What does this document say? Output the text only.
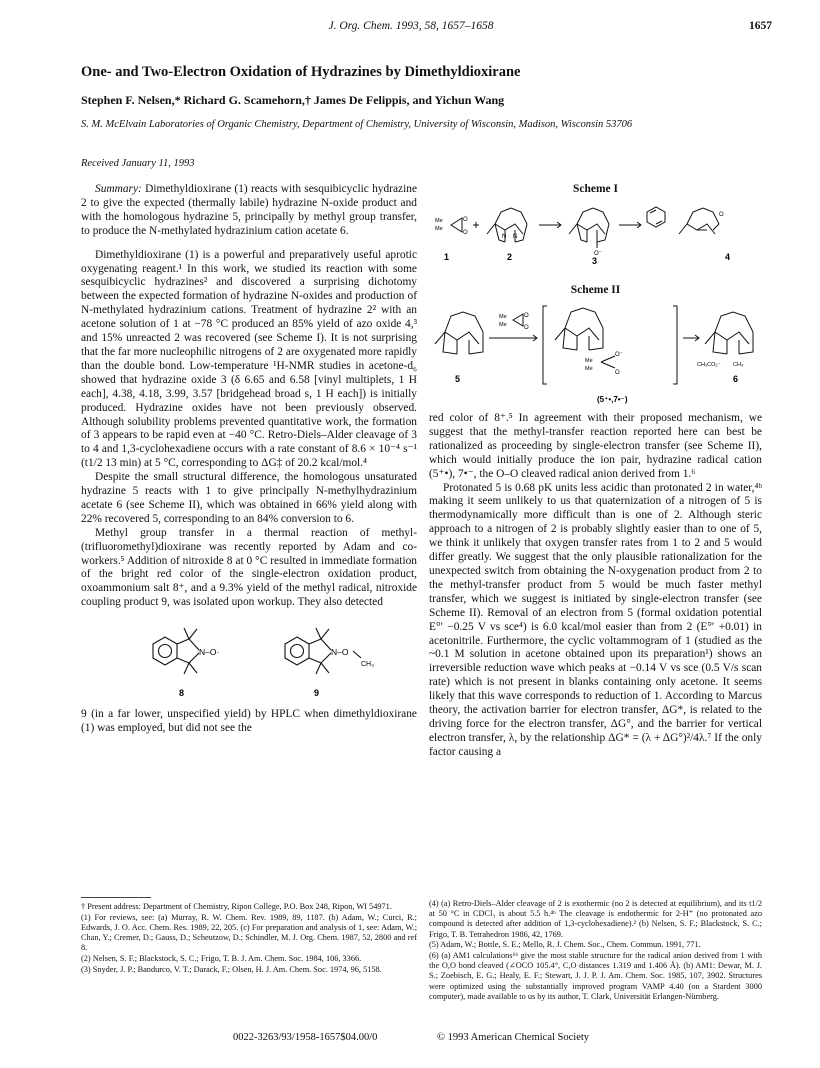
J. Org. Chem. 1993, 58, 1657–1658	1657
One- and Two-Electron Oxidation of Hydrazines by Dimethyldioxirane
Stephen F. Nelsen,* Richard G. Scamehorn,† James De Felippis, and Yichun Wang
S. M. McElvain Laboratories of Organic Chemistry, Department of Chemistry, University of Wisconsin, Madison, Wisconsin 53706
Received January 11, 1993

Summary: Dimethyldioxirane (1) reacts with sesquibicyclic hydrazine 2 to give the expected (thermally labile) hydrazine N-oxide product and with the homologous hydrazine 5, principally by methyl group transfer, to produce the N-methylated hydrazinium cation acetate 6.

Dimethyldioxirane (1) is a powerful and preparatively useful aprotic oxygenating reagent.¹ In this work, we studied its reaction with some sesquibicyclic hydrazines² and discovered a surprising dichotomy between the expected formation of hydrazine N-oxides and production of N-methylated hydrazinium cations. Treatment of hydrazine 2² with an acetone solution of 1 at −78 °C produced an 85% yield of azo oxide 4,³ and 15% unreacted 2 was recovered (see Scheme I). It is not surprising that the far more nucleophilic nitrogens of 2 are oxygenated more rapidly than the double bond. Low-temperature ¹H-NMR studies in acetone-d₆ showed that hydrazine oxide 3 (δ 6.65 and 6.58 [vinyl multiplets, 1 H each], 4.38, 4.18, 3.99, 3.57 [bridgehead broad s, 1 H each]) is initially produced. Hydrazine oxides have not been previously observed. Although solubility problems prevented quantitative work, the formation of 3 appears to be rapid even at −40 °C. Retro-Diels–Alder cleavage of 3 to 4 and 1,3-cyclohexadiene occurs with a rate constant of 8.6 × 10⁻⁴ s⁻¹ (t1/2 13 min) at 5 °C, corresponding to ΔG‡ of 20.2 kcal/mol.⁴

Despite the small structural difference, the homologous unsaturated hydrazine 5 reacts with 1 to give principally N-methylhydrazinium acetate 6 (see Scheme II), which was obtained in 66% yield along with 22% recovered 5, corresponding to an 84% conversion to 6.

Methyl group transfer in a thermal reaction of methyl-(trifluoromethyl)dioxirane was recently reported by Adam and co-workers.⁵ Addition of nitroxide 8 at 0 °C resulted in immediate formation of the bright red color of the single-electron oxidation product, oxoammonium salt 8⁺, and a 9.3% yield of the methyl radical, nitroxide coupling product 9, was isolated upon workup. They also detected

N–O·	N–O
CH₃
8	9

9 (in a far lower, unspecified yield) by HPLC when dimethyldioxirane (1) was employed, but did not see the

Scheme I
Me
Me
O
O
N N
O⁻
O
1	2	3	4
Scheme II
Me
Me
O
O
Me
Me
O⁻
O
CH₃CO₂⁻ CH₃
5
(5⁺•,7•⁻)
6

red color of 8⁺.⁵ In agreement with their proposed mechanism, we suggest that the methyl-transfer reaction reported here can best be rationalized as proceeding by single-electron transfer (see Scheme II), which would initially produce the ion pair, hydrazine radical cation (5⁺•), 7•⁻, the O–O cleaved radical anion derived from 1.⁶

Protonated 5 is 0.68 pK units less acidic than protonated 2 in water,⁴ᵇ making it seem unlikely to us that quaternization of a nitrogen of 5 is thermodynamically more difficult than is one of 2. Although steric approach to a nitrogen of 2 is probably slightly easier than to one of 5, we think it unlikely that oxygen transfer rates from 1 to 2 and 5 would differ greatly. We suggest that the only plausible rationalization for the unexpected switch from obtaining the N-oxygenation product from 2 to the methyl-transfer product from 5 would be much faster methyl transfer, which we suggest is initiated by single-electron transfer (see Scheme II). Removal of an electron from 5 (formal oxidation potential E°′ −0.25 V vs sce⁴) is 6.0 kcal/mol easier than from 2 (E°′ +0.01) in acetonitrile. Furthermore, the cyclic voltammogram of 1 (studied as the ~0.1 M solution in acetone obtained upon its preparation¹) shows an irreversible reduction wave which peaks at −0.14 V vs sce (0.5 V/s scan rate) which is not present in blanks containing only acetone. It seems likely that this wave corresponds to reduction of 1. According to Marcus theory, the activation barrier for electron transfer, ΔG*, is related to the driving force for the electron transfer, ΔG°, and the barrier for vertical electron transfer, λ, by the relationship ΔG* = (λ + ΔG°)²/4λ.⁷ If the only factor causing a

† Present address: Department of Chemistry, Ripon College, P.O. Box 248, Ripon, WI 54971.

(1) For reviews, see: (a) Murray, R. W. Chem. Rev. 1989, 89, 1187. (b) Adam, W.; Curci, R.; Edwards, J. O. Acc. Chem. Res. 1989, 22, 205. (c) For preparation and analysis of 1, see: Adam, W.; Chan, Y.; Cremer, D.; Gauss, D.; Scheutzow, D.; Schindler, M. J. Org. Chem. 1987, 52, 2800 and ref 8.

(2) Nelsen, S. F.; Blackstock, S. C.; Frigo, T. B. J. Am. Chem. Soc. 1984, 106, 3366.

(3) Snyder, J. P.; Bandurco, V. T.; Darack, F.; Olsen, H. J. Am. Chem. Soc. 1974, 96, 5158.

(4) (a) Retro-Diels–Alder cleavage of 2 is exothermic (no 2 is detected at equilibrium), and its t1/2 at 50 °C in CDCl₃ is about 5.5 h.⁴ᵇ The cleavage is endothermic for 2-H⁺ (no protonated azo compound is detected after addition of 1,3-cyclohexadiene).² (b) Nelsen, S. F.; Blackstock, S. C.; Frigo, T. B. Tetrahedron 1986, 42, 1769.

(5) Adam, W.; Bottle, S. E.; Mello, R. J. Chem. Soc., Chem. Commun. 1991, 771.

(6) (a) AM1 calculations⁶ᵇ give the most stable structure for the radical anion derived from 1 with the O,O bond cleaved (∠OCO 105.4°, C,O distances 1.319 and 1.406 Å). (b) AM1: Dewar, M. J. S.; Zoebisch, E. G.; Healy, E. F.; Stewart, J. J. P. J. Am. Chem. Soc. 1985, 107, 3902. Structures were optimized using the substantially improved program VAMP 4.40 (on a Stardent 3000 computer), made available to us by its author, T. Clark, Universität Erlangen-Nürnberg.

0022-3263/93/1958-1657$04.00/0	© 1993 American Chemical Society
